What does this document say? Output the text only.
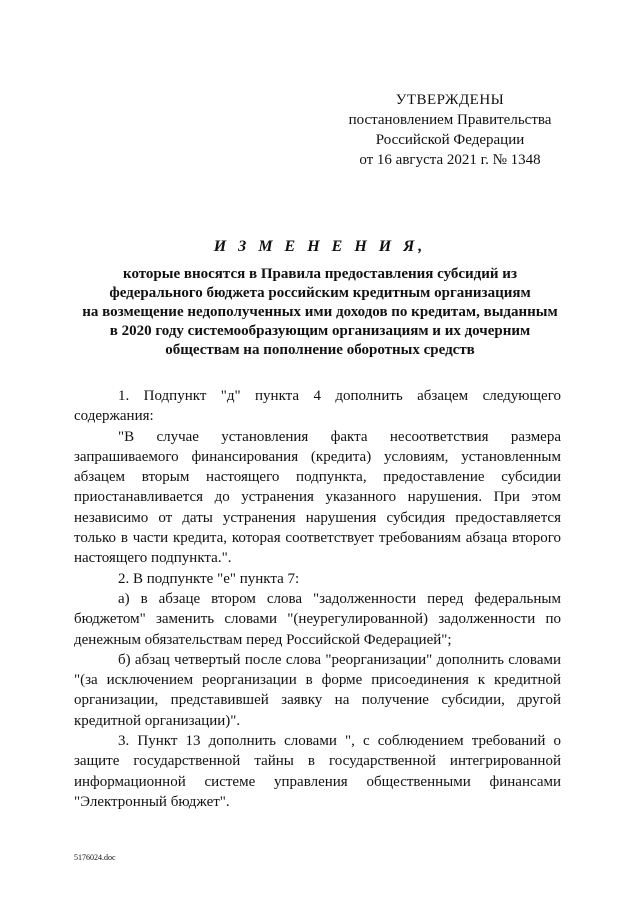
УТВЕРЖДЕНЫ
постановлением Правительства
Российской Федерации
от 16 августа 2021 г. № 1348
И З М Е Н Е Н И Я,
которые вносятся в Правила предоставления субсидий из
федерального бюджета российским кредитным организациям
на возмещение недополученных ими доходов по кредитам, выданным
в 2020 году системообразующим организациям и их дочерним
обществам на пополнение оборотных средств

1. Подпункт "д" пункта 4 дополнить абзацем следующего содержания:

"В случае установления факта несоответствия размера запрашиваемого финансирования (кредита) условиям, установленным абзацем вторым настоящего подпункта, предоставление субсидии приостанавливается до устранения указанного нарушения. При этом независимо от даты устранения нарушения субсидия предоставляется только в части кредита, которая соответствует требованиям абзаца второго настоящего подпункта.".

2. В подпункте "е" пункта 7:

а) в абзаце втором слова "задолженности перед федеральным бюджетом" заменить словами "(неурегулированной) задолженности по денежным обязательствам перед Российской Федерацией";

б) абзац четвертый после слова "реорганизации" дополнить словами "(за исключением реорганизации в форме присоединения к кредитной организации, представившей заявку на получение субсидии, другой кредитной организации)".

3. Пункт 13 дополнить словами ", с соблюдением требований о защите государственной тайны в государственной интегрированной информационной системе управления общественными финансами "Электронный бюджет".

5176024.doc
